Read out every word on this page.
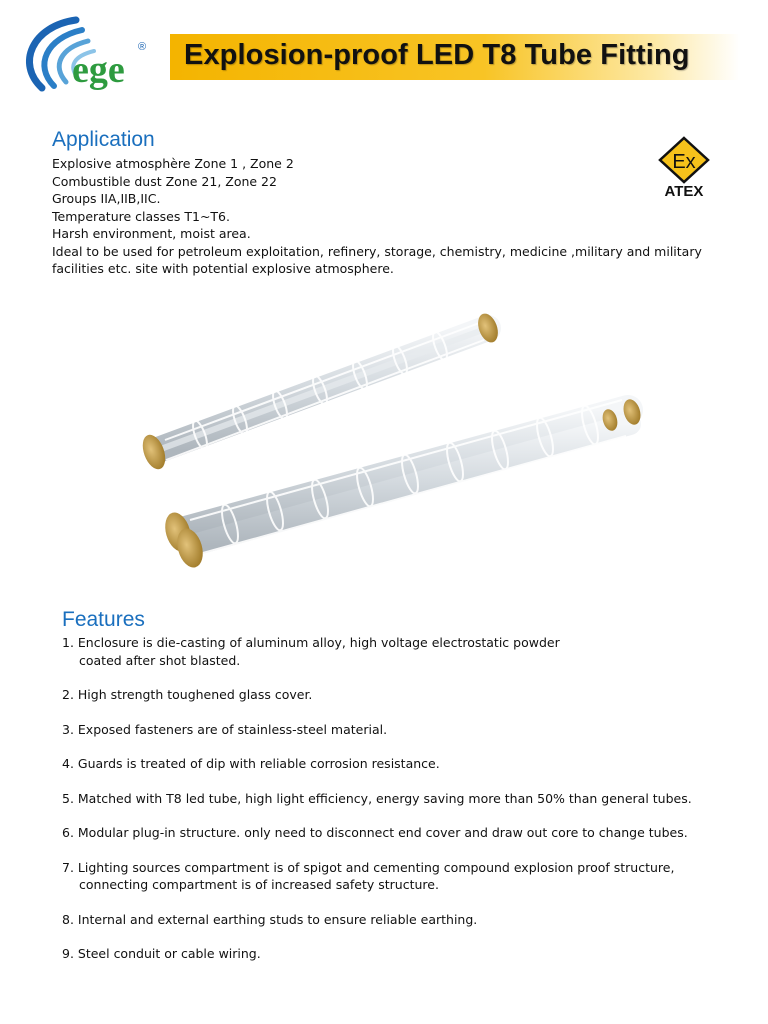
ege
® Explosion-proof LED T8 Tube Fitting
Ex
ATEX
Application
Explosive atmosphère Zone 1 , Zone 2
Combustible dust Zone 21, Zone 22
Groups IIA,IIB,IIC.
Temperature classes T1~T6.
Harsh environment, moist area.
Ideal to be used for petroleum exploitation, refinery, storage, chemistry, medicine ,military and military facilities etc. site with potential explosive atmosphere.
Features
1. Enclosure is die-casting of aluminum alloy, high voltage electrostatic powder
coated after shot blasted.
2. High strength toughened glass cover.
3. Exposed fasteners are of stainless-steel material.
4. Guards is treated of dip with reliable corrosion resistance.
5. Matched with T8 led tube, high light efficiency, energy saving more than 50% than general tubes.
6. Modular plug-in structure. only need to disconnect end cover and draw out core to change tubes.
7. Lighting sources compartment is of spigot and cementing compound explosion proof structure,
connecting compartment is of increased safety structure.
8. Internal and external earthing studs to ensure reliable earthing.
9. Steel conduit or cable wiring.
